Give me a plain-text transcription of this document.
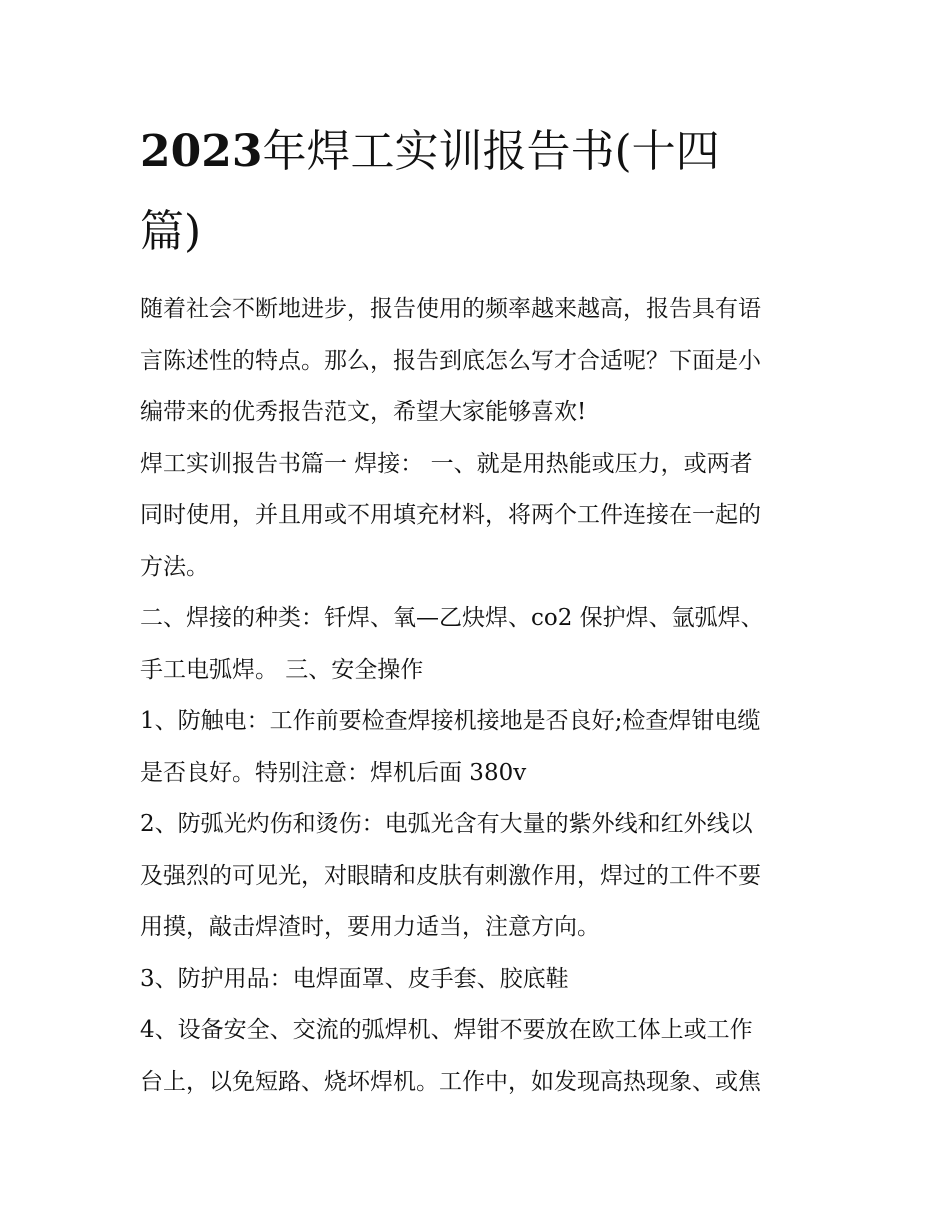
2023年焊工实训报告书(十四
篇)
随着社会不断地进步，报告使用的频率越来越高，报告具有语
言陈述性的特点。那么，报告到底怎么写才合适呢？下面是小
编带来的优秀报告范文，希望大家能够喜欢!
焊工实训报告书篇一 焊接： 一、就是用热能或压力，或两者
同时使用，并且用或不用填充材料，将两个工件连接在一起的
方法。
二、焊接的种类：钎焊、氧—乙炔焊、co2 保护焊、氩弧焊、
手工电弧焊。 三、安全操作
1、防触电：工作前要检查焊接机接地是否良好;检查焊钳电缆
是否良好。特别注意：焊机后面 380v
2、防弧光灼伤和烫伤：电弧光含有大量的紫外线和红外线以
及强烈的可见光，对眼睛和皮肤有刺激作用，焊过的工件不要
用摸，敲击焊渣时，要用力适当，注意方向。
3、防护用品：电焊面罩、皮手套、胶底鞋
4、设备安全、交流的弧焊机、焊钳不要放在欧工体上或工作
台上，以免短路、烧坏焊机。工作中，如发现高热现象、或焦
